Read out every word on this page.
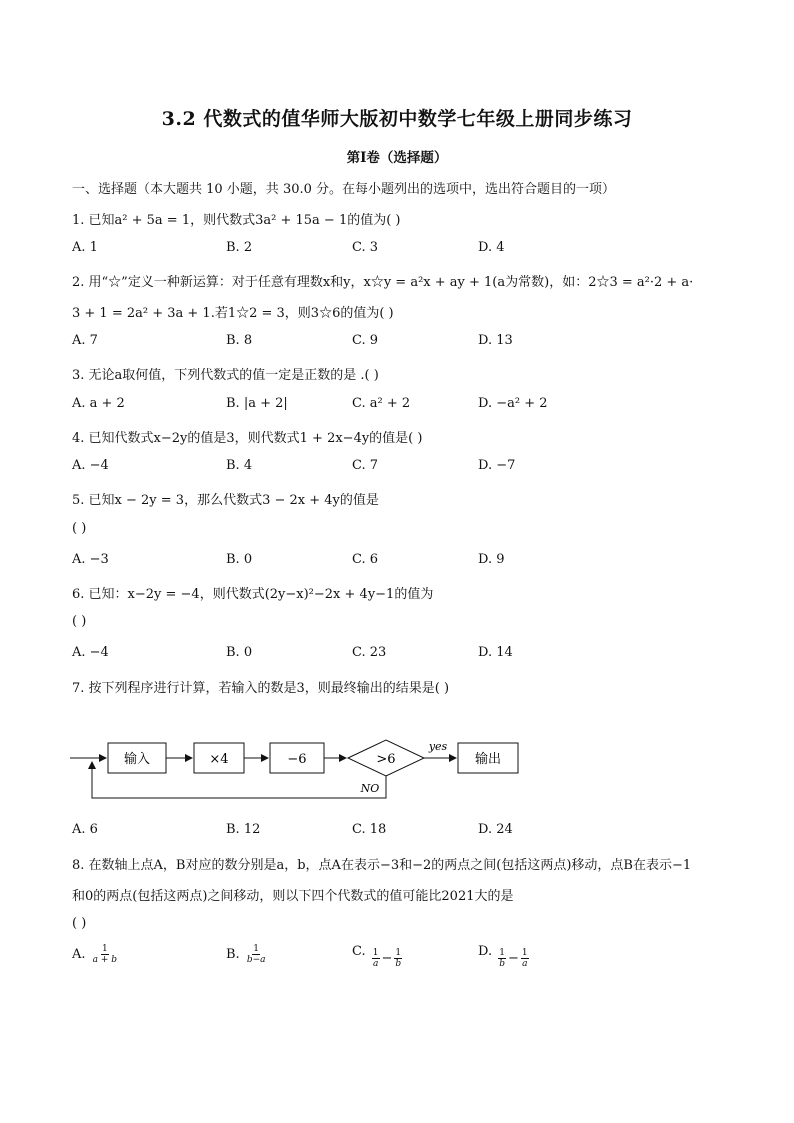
3.2 代数式的值华师大版初中数学七年级上册同步练习
第I卷（选择题）
一、选择题（本大题共 10 小题，共 30.0 分。在每小题列出的选项中，选出符合题目的一项）
1. 已知a² + 5a = 1，则代数式3a² + 15a − 1的值为( )
A. 1	B. 2	C. 3	D. 4
2. 用“☆”定义一种新运算：对于任意有理数x和y，x☆y = a²x + ay + 1(a为常数)，如：2☆3 = a²·2 + a·
3 + 1 = 2a² + 3a + 1.若1☆2 = 3，则3☆6的值为( )
A. 7	B. 8	C. 9	D. 13
3. 无论a取何值，下列代数式的值一定是正数的是 .( )
A. a + 2	B. |a + 2|	C. a² + 2	D. −a² + 2
4. 已知代数式x−2y的值是3，则代数式1 + 2x−4y的值是( )
A. −4	B. 4	C. 7	D. −7
5. 已知x − 2y = 3，那么代数式3 − 2x + 4y的值是
( )
A. −3	B. 0	C. 6	D. 9
6. 已知：x−2y = −4，则代数式(2y−x)²−2x + 4y−1的值为
( )
A. −4	B. 0	C. 23	D. 14
7. 按下列程序进行计算，若输入的数是3，则最终输出的结果是( )
输入	×4	−6	>6
yes
输出
NO
A. 6	B. 12	C. 18	D. 24
8. 在数轴上点A，B对应的数分别是a，b，点A在表示−3和−2的两点之间(包括这两点)移动，点B在表示−1
和0的两点(包括这两点)之间移动，则以下四个代数式的值可能比2021大的是
( )
A. $\frac{1}{a + b}$	B. $\frac{1}{b-a}$	C. $\frac{1}{a} - \frac{1}{b}$	D. $\frac{1}{b} - \frac{1}{a}$
